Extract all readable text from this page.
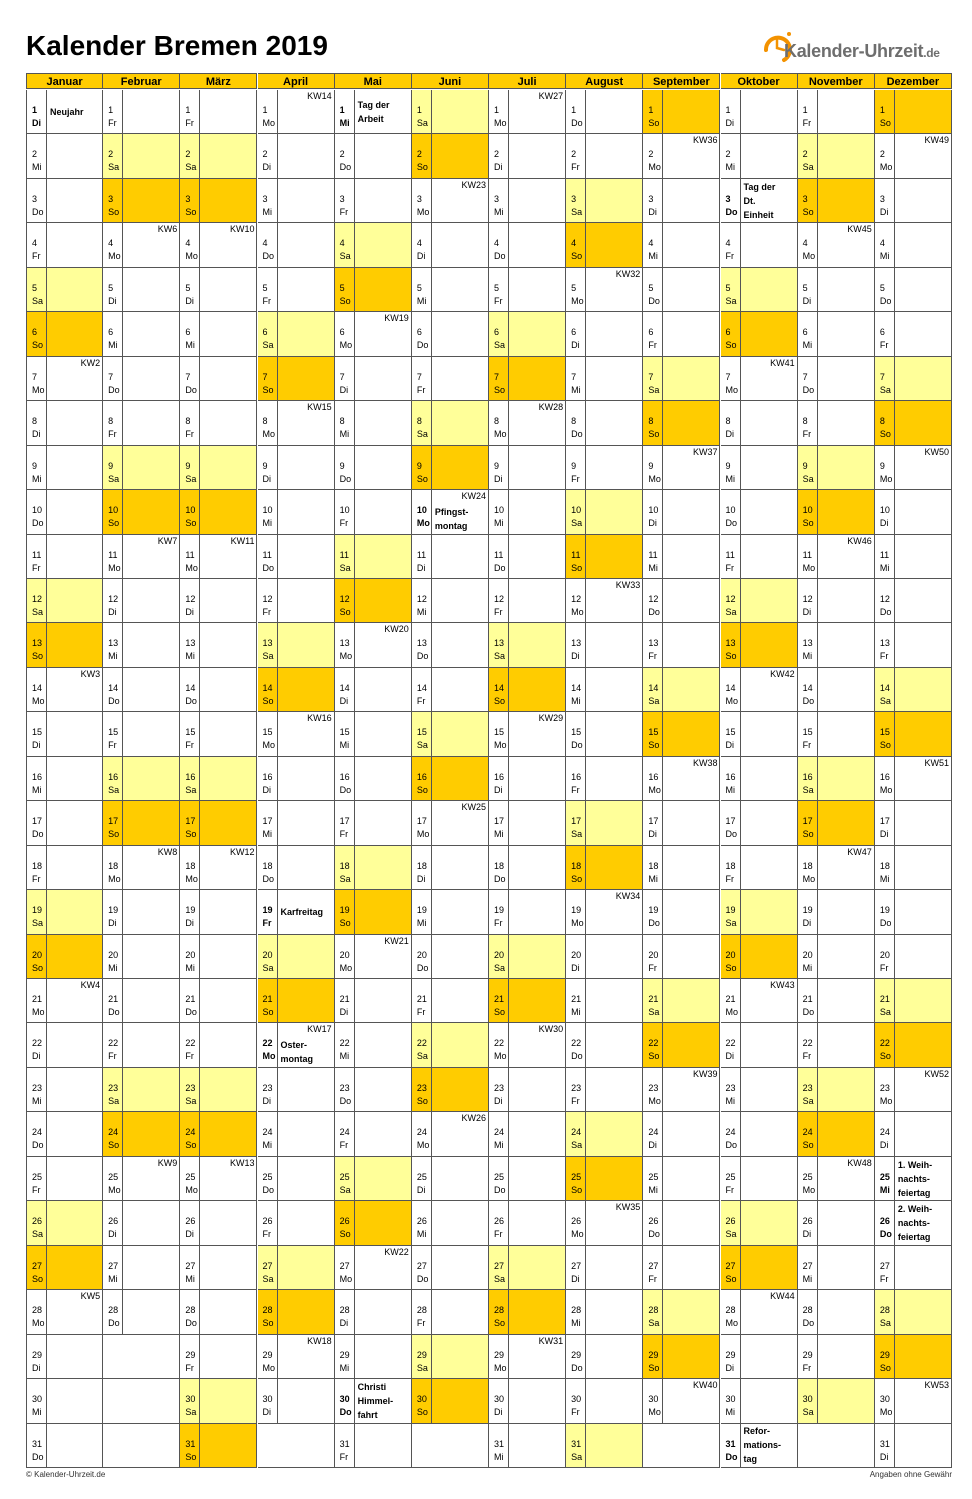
Kalender Bremen 2019	Kalender-Uhrzeit.de
Januar
1
Di
Neujahr
2
Mi
3
Do
4
Fr
5
Sa
6
So
7
Mo
KW2
8
Di
9
Mi
10
Do
11
Fr
12
Sa
13
So
14
Mo
KW3
15
Di
16
Mi
17
Do
18
Fr
19
Sa
20
So
21
Mo
KW4
22
Di
23
Mi
24
Do
25
Fr
26
Sa
27
So
28
Mo
KW5
29
Di
30
Mi
31
Do
Februar
1
Fr
2
Sa
3
So
4
Mo
KW6
5
Di
6
Mi
7
Do
8
Fr
9
Sa
10
So
11
Mo
KW7
12
Di
13
Mi
14
Do
15
Fr
16
Sa
17
So
18
Mo
KW8
19
Di
20
Mi
21
Do
22
Fr
23
Sa
24
So
25
Mo
KW9
26
Di
27
Mi
28
Do
März
1
Fr
2
Sa
3
So
4
Mo
KW10
5
Di
6
Mi
7
Do
8
Fr
9
Sa
10
So
11
Mo
KW11
12
Di
13
Mi
14
Do
15
Fr
16
Sa
17
So
18
Mo
KW12
19
Di
20
Mi
21
Do
22
Fr
23
Sa
24
So
25
Mo
KW13
26
Di
27
Mi
28
Do
29
Fr
30
Sa
31
So
April
1
Mo
KW14
2
Di
3
Mi
4
Do
5
Fr
6
Sa
7
So
8
Mo
KW15
9
Di
10
Mi
11
Do
12
Fr
13
Sa
14
So
15
Mo
KW16
16
Di
17
Mi
18
Do
19
Fr
Karfreitag
20
Sa
21
So
22
Mo
KW17
Oster-
montag
23
Di
24
Mi
25
Do
26
Fr
27
Sa
28
So
29
Mo
KW18
30
Di
Mai
1
Mi
Tag der
Arbeit
2
Do
3
Fr
4
Sa
5
So
6
Mo
KW19
7
Di
8
Mi
9
Do
10
Fr
11
Sa
12
So
13
Mo
KW20
14
Di
15
Mi
16
Do
17
Fr
18
Sa
19
So
20
Mo
KW21
21
Di
22
Mi
23
Do
24
Fr
25
Sa
26
So
27
Mo
KW22
28
Di
29
Mi
30
Do
Christi
Himmel-
fahrt
31
Fr
Juni
1
Sa
2
So
3
Mo
KW23
4
Di
5
Mi
6
Do
7
Fr
8
Sa
9
So
10
Mo
KW24
Pfingst-
montag
11
Di
12
Mi
13
Do
14
Fr
15
Sa
16
So
17
Mo
KW25
18
Di
19
Mi
20
Do
21
Fr
22
Sa
23
So
24
Mo
KW26
25
Di
26
Mi
27
Do
28
Fr
29
Sa
30
So
Juli
1
Mo
KW27
2
Di
3
Mi
4
Do
5
Fr
6
Sa
7
So
8
Mo
KW28
9
Di
10
Mi
11
Do
12
Fr
13
Sa
14
So
15
Mo
KW29
16
Di
17
Mi
18
Do
19
Fr
20
Sa
21
So
22
Mo
KW30
23
Di
24
Mi
25
Do
26
Fr
27
Sa
28
So
29
Mo
KW31
30
Di
31
Mi
August
1
Do
2
Fr
3
Sa
4
So
5
Mo
KW32
6
Di
7
Mi
8
Do
9
Fr
10
Sa
11
So
12
Mo
KW33
13
Di
14
Mi
15
Do
16
Fr
17
Sa
18
So
19
Mo
KW34
20
Di
21
Mi
22
Do
23
Fr
24
Sa
25
So
26
Mo
KW35
27
Di
28
Mi
29
Do
30
Fr
31
Sa
September
1
So
2
Mo
KW36
3
Di
4
Mi
5
Do
6
Fr
7
Sa
8
So
9
Mo
KW37
10
Di
11
Mi
12
Do
13
Fr
14
Sa
15
So
16
Mo
KW38
17
Di
18
Mi
19
Do
20
Fr
21
Sa
22
So
23
Mo
KW39
24
Di
25
Mi
26
Do
27
Fr
28
Sa
29
So
30
Mo
KW40
Oktober
1
Di
2
Mi
3
Do
Tag der
Dt.
Einheit
4
Fr
5
Sa
6
So
7
Mo
KW41
8
Di
9
Mi
10
Do
11
Fr
12
Sa
13
So
14
Mo
KW42
15
Di
16
Mi
17
Do
18
Fr
19
Sa
20
So
21
Mo
KW43
22
Di
23
Mi
24
Do
25
Fr
26
Sa
27
So
28
Mo
KW44
29
Di
30
Mi
31
Do
Refor-
mations-
tag
November
1
Fr
2
Sa
3
So
4
Mo
KW45
5
Di
6
Mi
7
Do
8
Fr
9
Sa
10
So
11
Mo
KW46
12
Di
13
Mi
14
Do
15
Fr
16
Sa
17
So
18
Mo
KW47
19
Di
20
Mi
21
Do
22
Fr
23
Sa
24
So
25
Mo
KW48
26
Di
27
Mi
28
Do
29
Fr
30
Sa
Dezember
1
So
2
Mo
KW49
3
Di
4
Mi
5
Do
6
Fr
7
Sa
8
So
9
Mo
KW50
10
Di
11
Mi
12
Do
13
Fr
14
Sa
15
So
16
Mo
KW51
17
Di
18
Mi
19
Do
20
Fr
21
Sa
22
So
23
Mo
KW52
24
Di
25
Mi
1. Weih-
nachts-
feiertag
26
Do
2. Weih-
nachts-
feiertag
27
Fr
28
Sa
29
So
30
Mo
KW53
31
Di
© Kalender-Uhrzeit.de	Angaben ohne Gewähr
